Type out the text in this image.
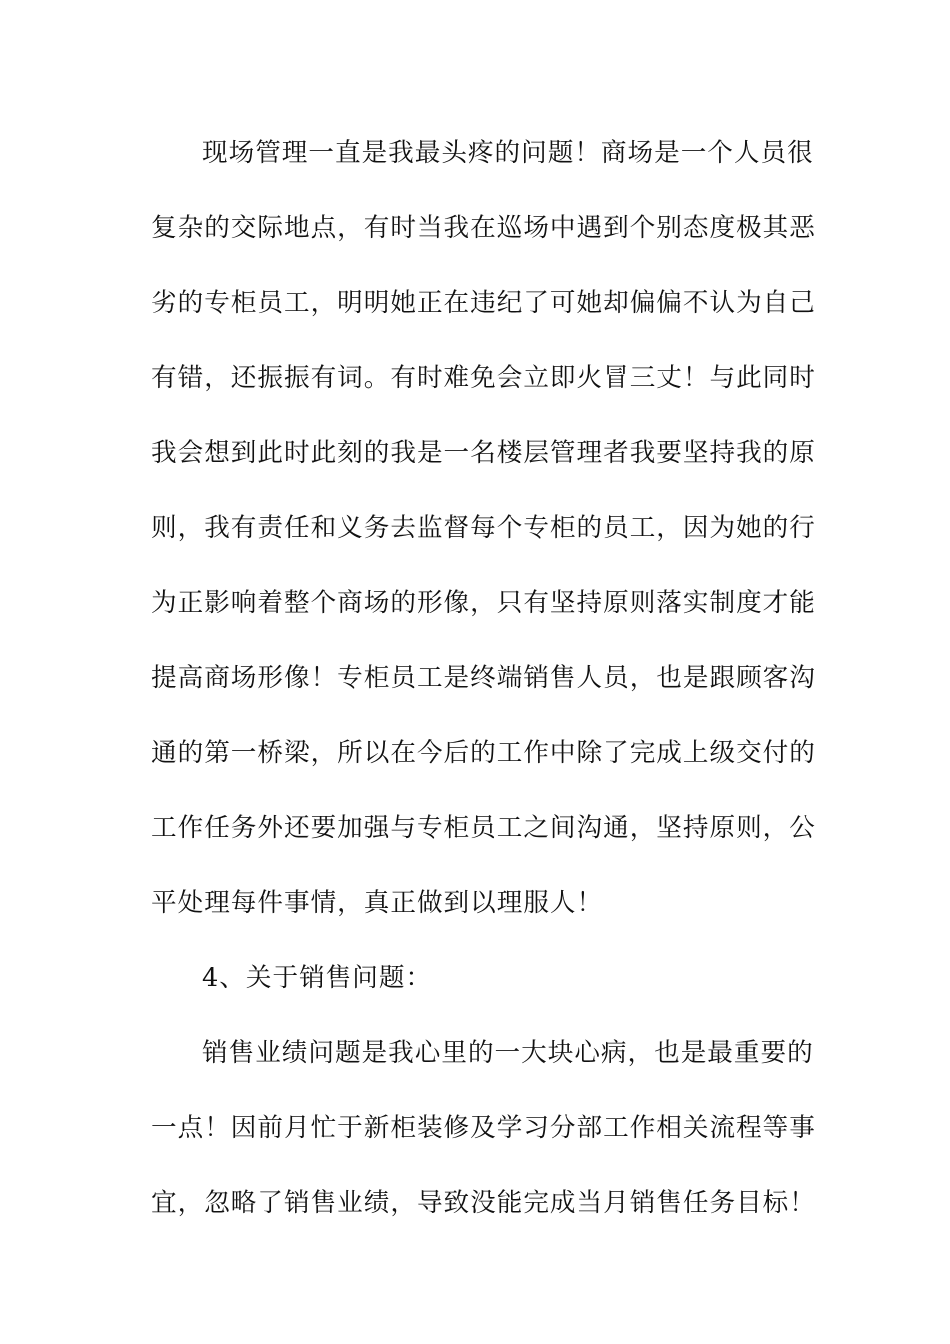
现场管理一直是我最头疼的问题！商场是一个人员很
复杂的交际地点，有时当我在巡场中遇到个别态度极其恶
劣的专柜员工，明明她正在违纪了可她却偏偏不认为自己
有错，还振振有词。有时难免会立即火冒三丈！与此同时
我会想到此时此刻的我是一名楼层管理者我要坚持我的原
则，我有责任和义务去监督每个专柜的员工，因为她的行
为正影响着整个商场的形像，只有坚持原则落实制度才能
提高商场形像！专柜员工是终端销售人员，也是跟顾客沟
通的第一桥梁，所以在今后的工作中除了完成上级交付的
工作任务外还要加强与专柜员工之间沟通，坚持原则，公
平处理每件事情，真正做到以理服人！
4、关于销售问题：
销售业绩问题是我心里的一大块心病，也是最重要的
一点！因前月忙于新柜装修及学习分部工作相关流程等事
宜，忽略了销售业绩，导致没能完成当月销售任务目标！
